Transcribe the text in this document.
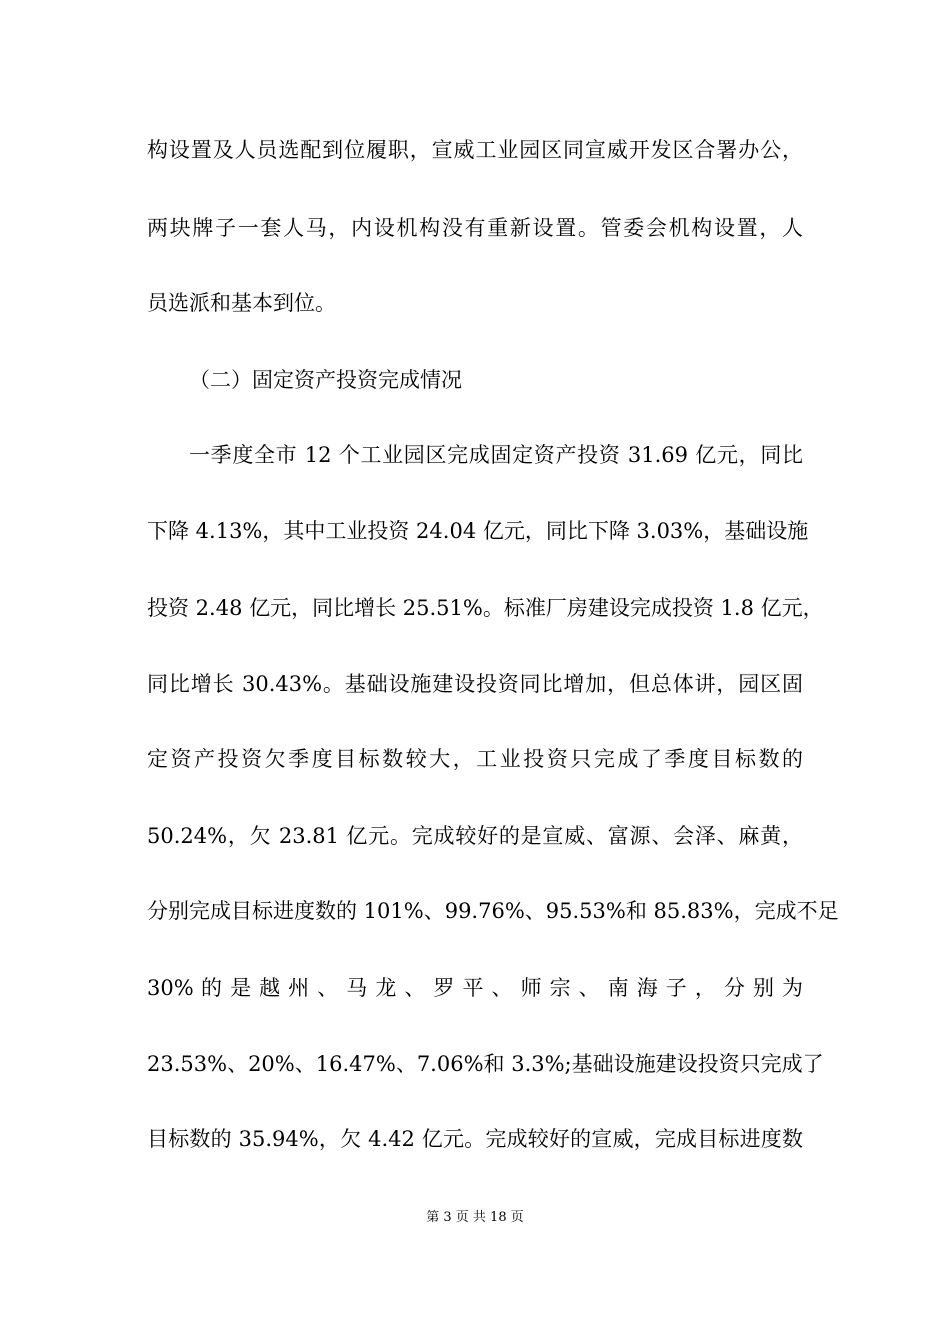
构设置及人员选配到位履职，宣威工业园区同宣威开发区合署办公，
两块牌子一套人马，内设机构没有重新设置。管委会机构设置，人
员选派和基本到位。
（二）固定资产投资完成情况
一季度全市 12 个工业园区完成固定资产投资 31.69 亿元，同比
下降 4.13%，其中工业投资 24.04 亿元，同比下降 3.03%，基础设施
投资 2.48 亿元，同比增长 25.51%。标准厂房建设完成投资 1.8 亿元，
同比增长 30.43%。基础设施建设投资同比增加，但总体讲，园区固
定资产投资欠季度目标数较大，工业投资只完成了季度目标数的
50.24%，欠 23.81 亿元。完成较好的是宣威、富源、会泽、麻黄，
分别完成目标进度数的 101%、99.76%、95.53%和 85.83%，完成不足
30% 的 是 越 州 、 马 龙 、 罗 平 、 师 宗 、 南 海 子 ， 分 别 为
23.53%、20%、16.47%、7.06%和 3.3%;基础设施建设投资只完成了
目标数的 35.94%，欠 4.42 亿元。完成较好的宣威，完成目标进度数
第 3 页 共 18 页
